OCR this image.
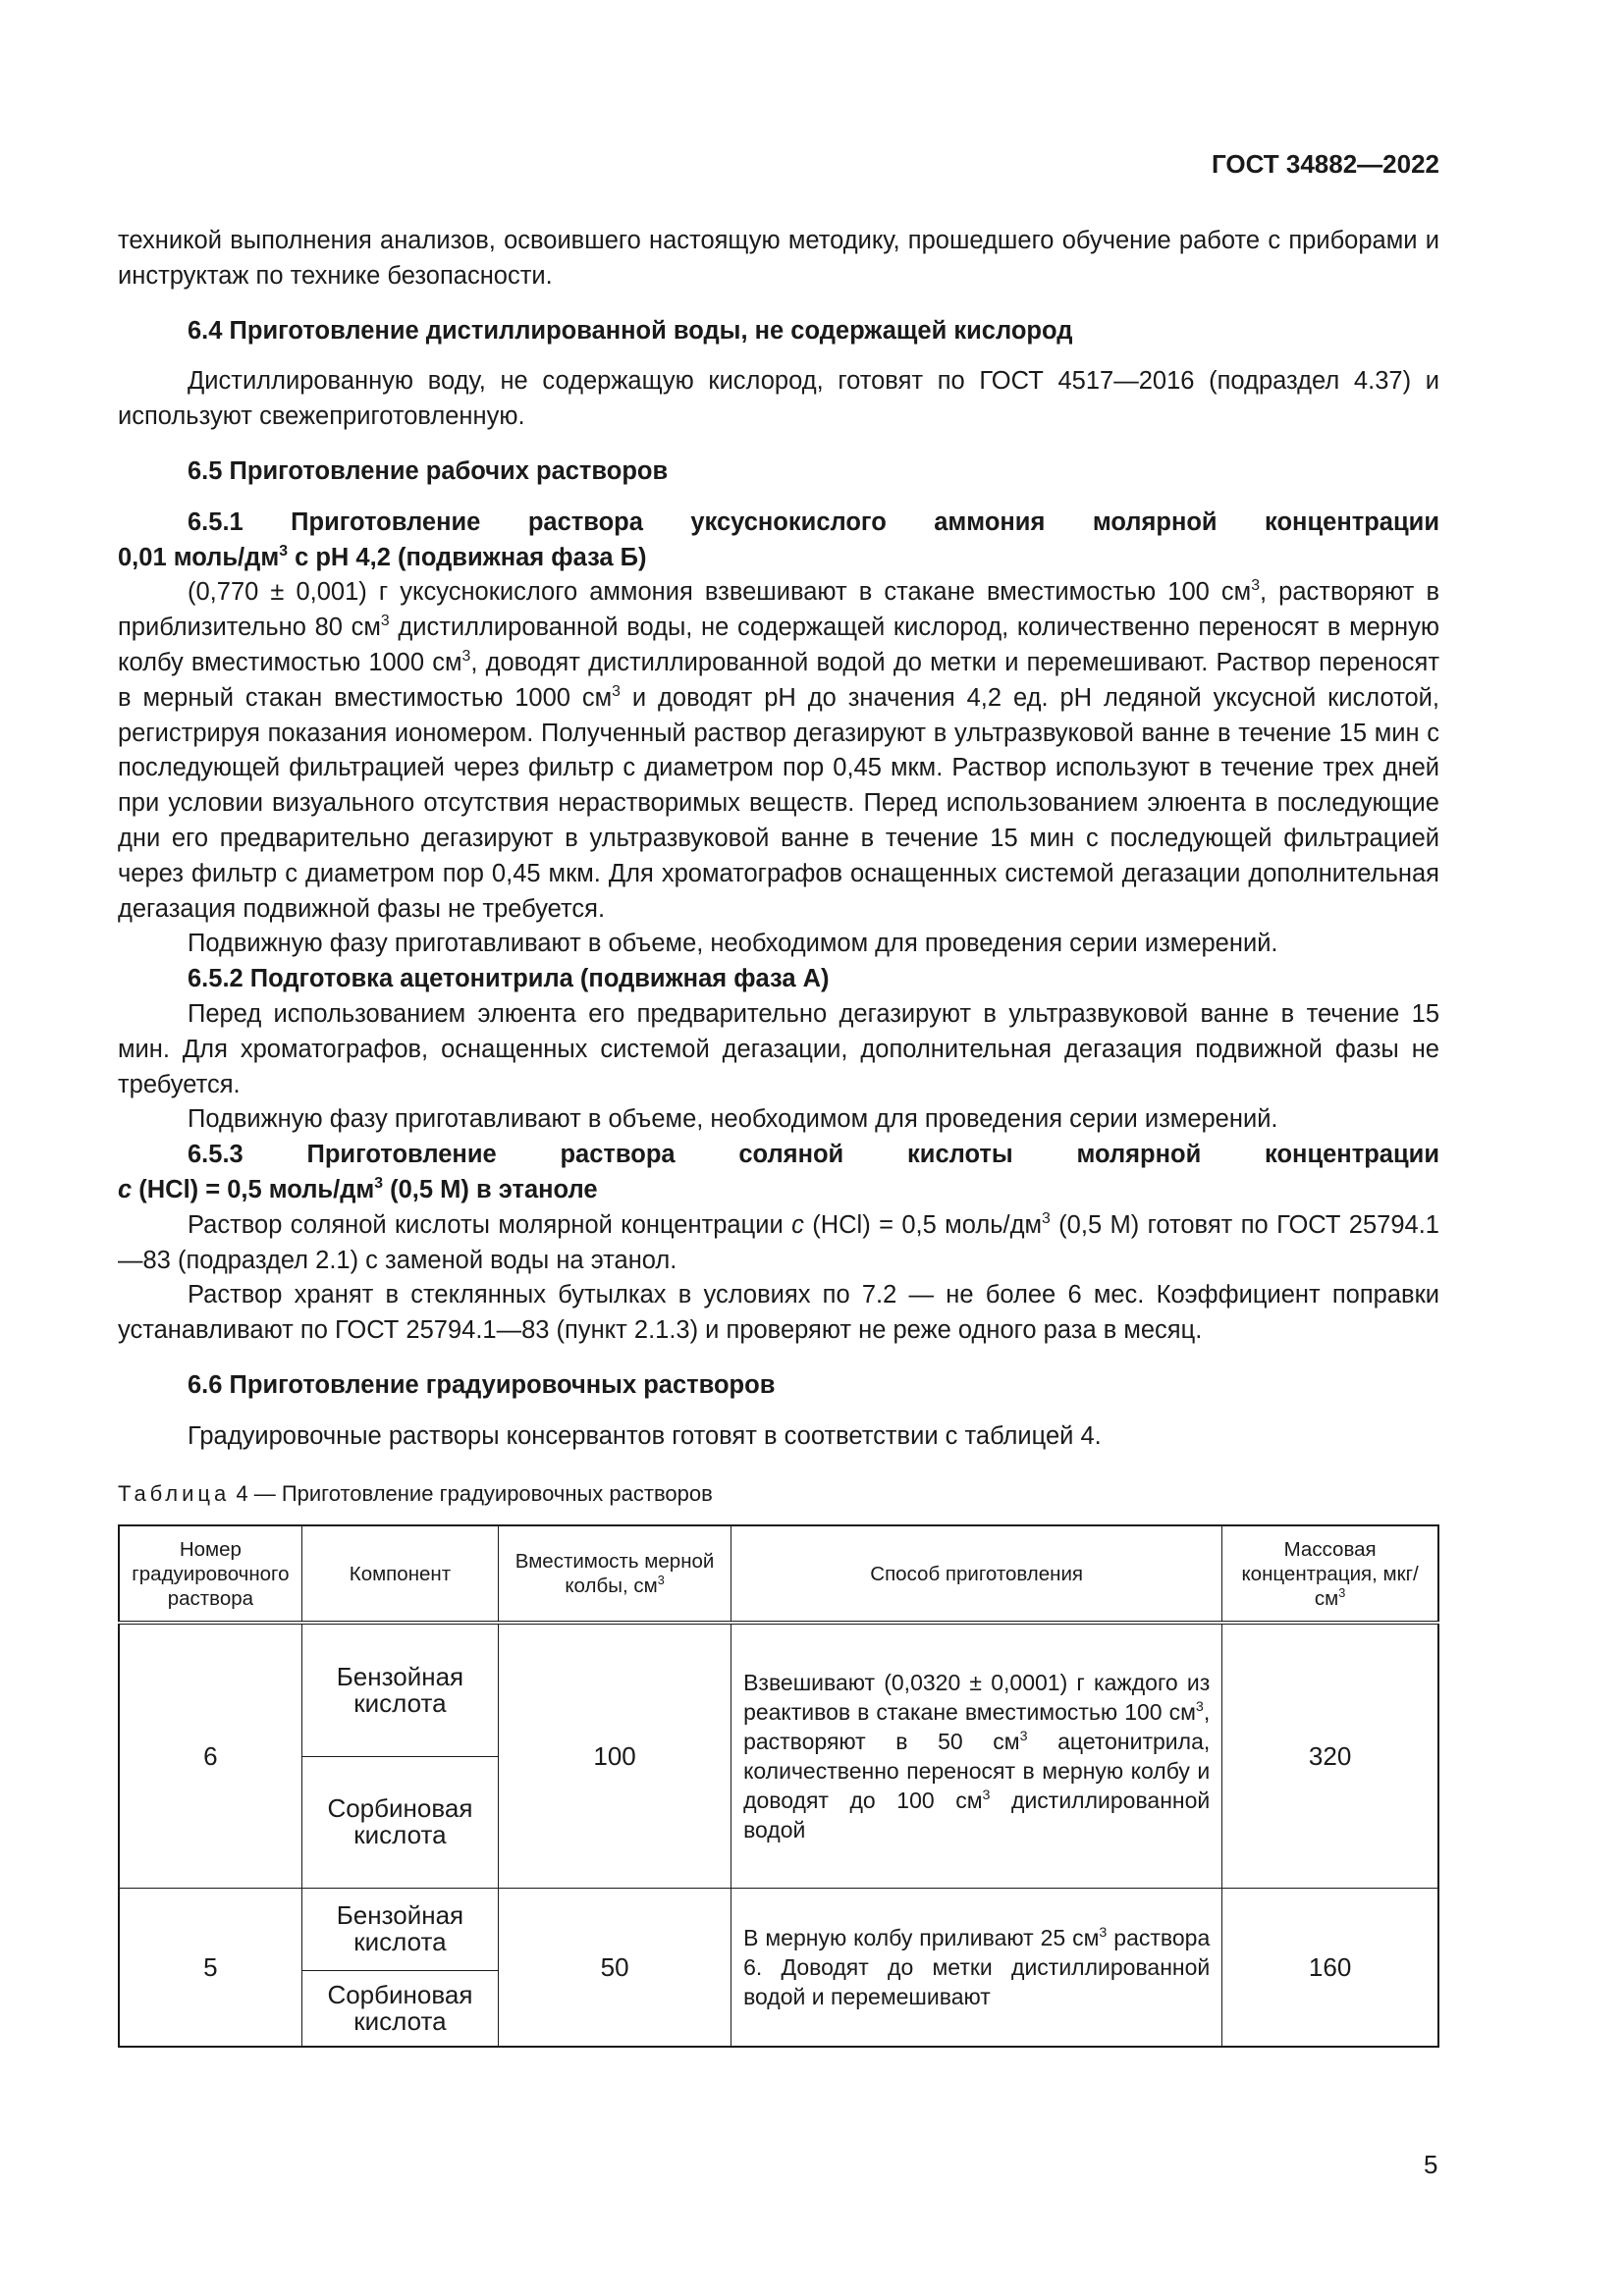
ГОСТ 34882—2022

техникой выполнения анализов, освоившего настоящую методику, прошедшего обучение работе с приборами и инструктаж по технике безопасности.

6.4 Приготовление дистиллированной воды, не содержащей кислород

Дистиллированную воду, не содержащую кислород, готовят по ГОСТ 4517—2016 (подраздел 4.37) и используют свежеприготовленную.

6.5 Приготовление рабочих растворов

6.5.1 Приготовление раствора уксуснокислого аммония молярной концентрации

0,01 моль/$дм^3$ с pH 4,2 (подвижная фаза Б)

(0,770 ± 0,001) г уксуснокислого аммония взвешивают в стакане вместимостью 100 $см^3$, растворяют в приблизительно 80 $см^3$ дистиллированной воды, не содержащей кислород, количественно переносят в мерную колбу вместимостью 1000 $см^3$, доводят дистиллированной водой до метки и перемешивают. Раствор переносят в мерный стакан вместимостью 1000 $см^3$ и доводят pH до значения 4,2 ед. pH ледяной уксусной кислотой, регистрируя показания иономером. Полученный раствор дегазируют в ультразвуковой ванне в течение 15 мин с последующей фильтрацией через фильтр с диаметром пор 0,45 мкм. Раствор используют в течение трех дней при условии визуального отсутствия нерастворимых веществ. Перед использованием элюента в последующие дни его предварительно дегазируют в ультразвуковой ванне в течение 15 мин с последующей фильтрацией через фильтр с диаметром пор 0,45 мкм. Для хроматографов оснащенных системой дегазации дополнительная дегазация подвижной фазы не требуется.

Подвижную фазу приготавливают в объеме, необходимом для проведения серии измерений.

6.5.2 Подготовка ацетонитрила (подвижная фаза А)

Перед использованием элюента его предварительно дегазируют в ультразвуковой ванне в течение 15 мин. Для хроматографов, оснащенных системой дегазации, дополнительная дегазация подвижной фазы не требуется.

Подвижную фазу приготавливают в объеме, необходимом для проведения серии измерений.

6.5.3 Приготовление раствора соляной кислоты молярной концентрации

с (HCl) = 0,5 моль/$дм^3$ (0,5 М) в этаноле

Раствор соляной кислоты молярной концентрации с (HCl) = 0,5 моль/$дм^3$ (0,5 М) готовят по ГОСТ 25794.1—83 (подраздел 2.1) с заменой воды на этанол.

Раствор хранят в стеклянных бутылках в условиях по 7.2 — не более 6 мес. Коэффициент поправки устанавливают по ГОСТ 25794.1—83 (пункт 2.1.3) и проверяют не реже одного раза в месяц.

6.6 Приготовление градуировочных растворов

Градуировочные растворы консервантов готовят в соответствии с таблицей 4.

Таблица 4 — Приготовление градуировочных растворов

Номер градуировочного раствора	Компонент	Вместимость мерной колбы, $см^3$	Способ приготовления	Массовая концентрация, мкг/$см^3$
6	Бензойная кислота	100	Взвешивают (0,0320 ± 0,0001) г каждого из реактивов в стакане вместимостью 100 $см^3$, растворяют в 50 $см^3$ ацетонитрила, количественно переносят в мерную колбу и доводят до 100 $см^3$ дистиллированной водой	320
	Сорбиновая кислота			
5	Бензойная кислота	50	В мерную колбу приливают 25 $см^3$ раствора 6. Доводят до метки дистиллированной водой и перемешивают	160
	Сорбиновая кислота			
5
